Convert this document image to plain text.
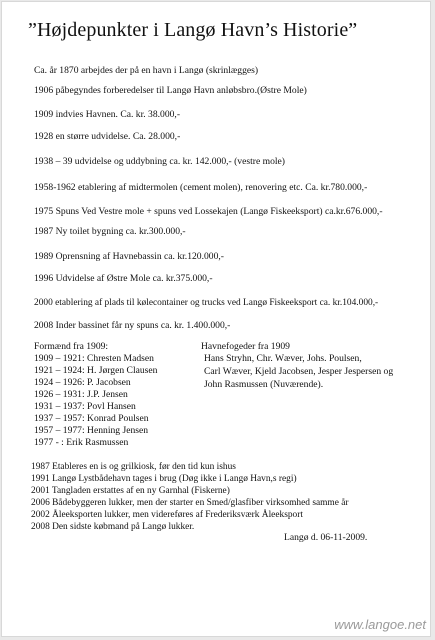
”Højdepunkter i Langø Havn’s Historie”
Ca. år 1870 arbejdes der på en havn i Langø (skrinlægges)
1906 påbegyndes forberedelser til Langø Havn anløbsbro.(Østre Mole)
1909 indvies Havnen. Ca. kr. 38.000,-
1928 en større udvidelse. Ca. 28.000,-
1938 – 39 udvidelse og uddybning ca. kr. 142.000,- (vestre mole)
1958-1962 etablering af midtermolen (cement molen), renovering etc. Ca. kr.780.000,-
1975 Spuns Ved Vestre mole + spuns ved Lossekajen (Langø Fiskeeksport) ca.kr.676.000,-
1987 Ny toilet bygning ca. kr.300.000,-
1989 Oprensning af Havnebassin ca. kr.120.000,-
1996 Udvidelse af Østre Mole ca. kr.375.000,-
2000 etablering af plads til kølecontainer og trucks ved Langø Fiskeeksport ca. kr.104.000,-
2008 Inder bassinet får ny spuns ca. kr. 1.400.000,-
Formænd fra 1909:
1909 – 1921: Chresten Madsen
1921 – 1924: H. Jørgen Clausen
1924 – 1926: P. Jacobsen
1926 – 1931: J.P. Jensen
1931 – 1937: Povl Hansen
1937 – 1957: Konrad Poulsen
1957 – 1977: Henning Jensen
1977 - : Erik Rasmussen
Havnefogeder fra 1909
Hans Stryhn, Chr. Wæver, Johs. Poulsen,
Carl Wæver, Kjeld Jacobsen, Jesper Jespersen og
John Rasmussen (Nuværende).
1987 Etableres en is og grilkiosk, før den tid kun ishus
1991 Langø Lystbådehavn tages i brug (Døg ikke i Langø Havn,s regi)
2001 Tangladen erstattes af en ny Garnhal (Fiskerne)
2006 Bådebyggeren lukker, men der starter en Smed/glasfiber virksomhed samme år
2002 Åleeksporten lukker, men videreføres af Frederiksværk Åleeksport
2008 Den sidste købmand på Langø lukker.
Langø d. 06-11-2009.
www.langoe.net
